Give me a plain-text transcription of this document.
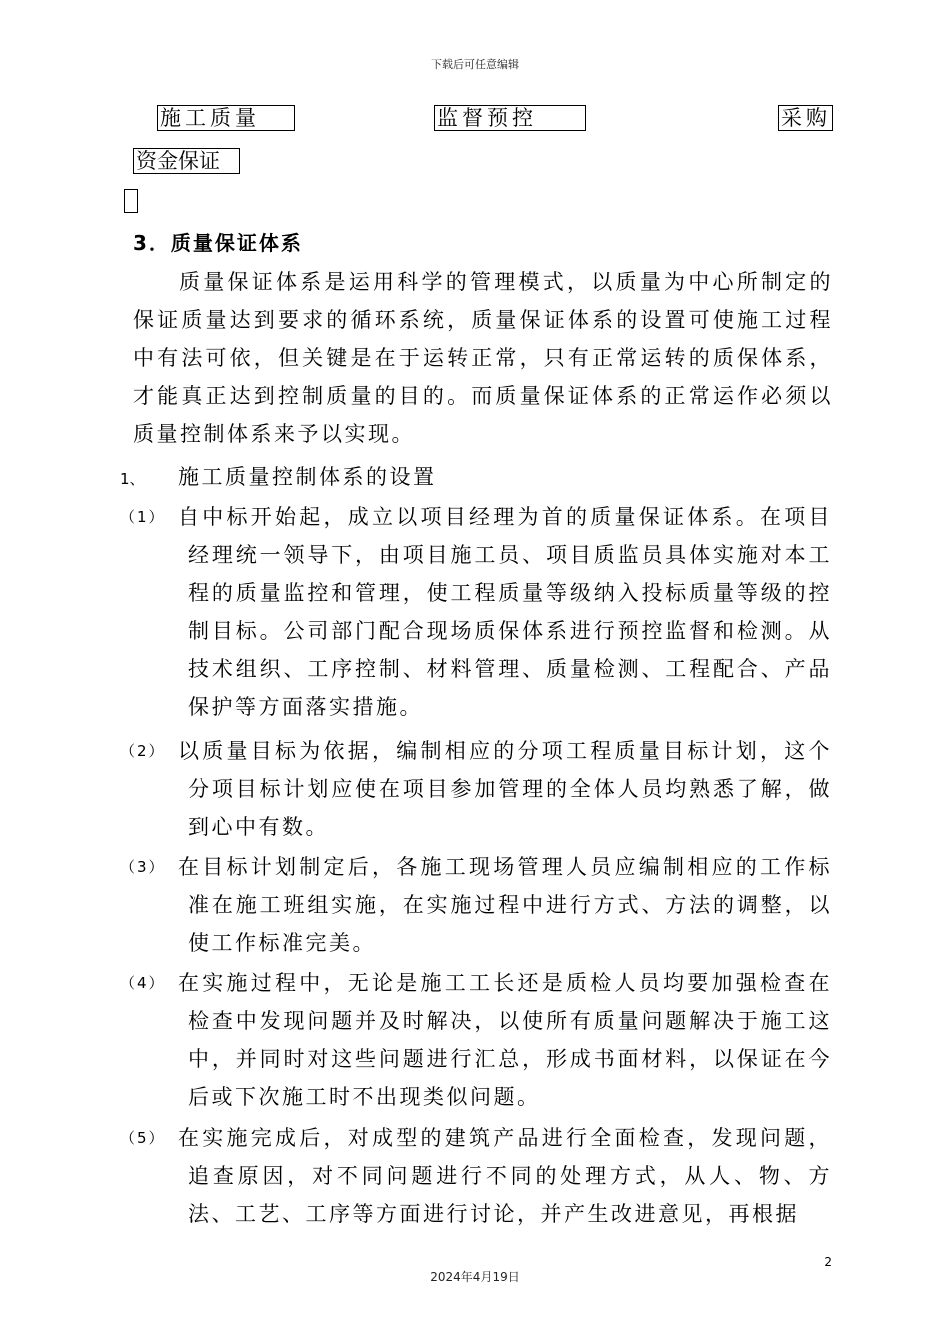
下载后可任意编辑
施工质量	监督预控	采购
资金保证
3．质量保证体系
质量保证体系是运用科学的管理模式，以质量为中心所制定的保证质量达到要求的循环系统，质量保证体系的设置可使施工过程中有法可依，但关键是在于运转正常，只有正常运转的质保体系，才能真正达到控制质量的目的。而质量保证体系的正常运作必须以质量控制体系来予以实现。
1、 施工质量控制体系的设置
（1） 自中标开始起，成立以项目经理为首的质量保证体系。在项目经理统一领导下，由项目施工员、项目质监员具体实施对本工程的质量监控和管理，使工程质量等级纳入投标质量等级的控制目标。公司部门配合现场质保体系进行预控监督和检测。从技术组织、工序控制、材料管理、质量检测、工程配合、产品保护等方面落实措施。
（2） 以质量目标为依据，编制相应的分项工程质量目标计划，这个分项目标计划应使在项目参加管理的全体人员均熟悉了解，做到心中有数。
（3） 在目标计划制定后，各施工现场管理人员应编制相应的工作标准在施工班组实施，在实施过程中进行方式、方法的调整，以使工作标准完美。
（4） 在实施过程中，无论是施工工长还是质检人员均要加强检查在检查中发现问题并及时解决，以使所有质量问题解决于施工这中，并同时对这些问题进行汇总，形成书面材料，以保证在今后或下次施工时不出现类似问题。
（5） 在实施完成后，对成型的建筑产品进行全面检查，发现问题，追查原因，对不同问题进行不同的处理方式，从人、物、方法、工艺、工序等方面进行讨论，并产生改进意见，再根据
2
2024年4月19日
